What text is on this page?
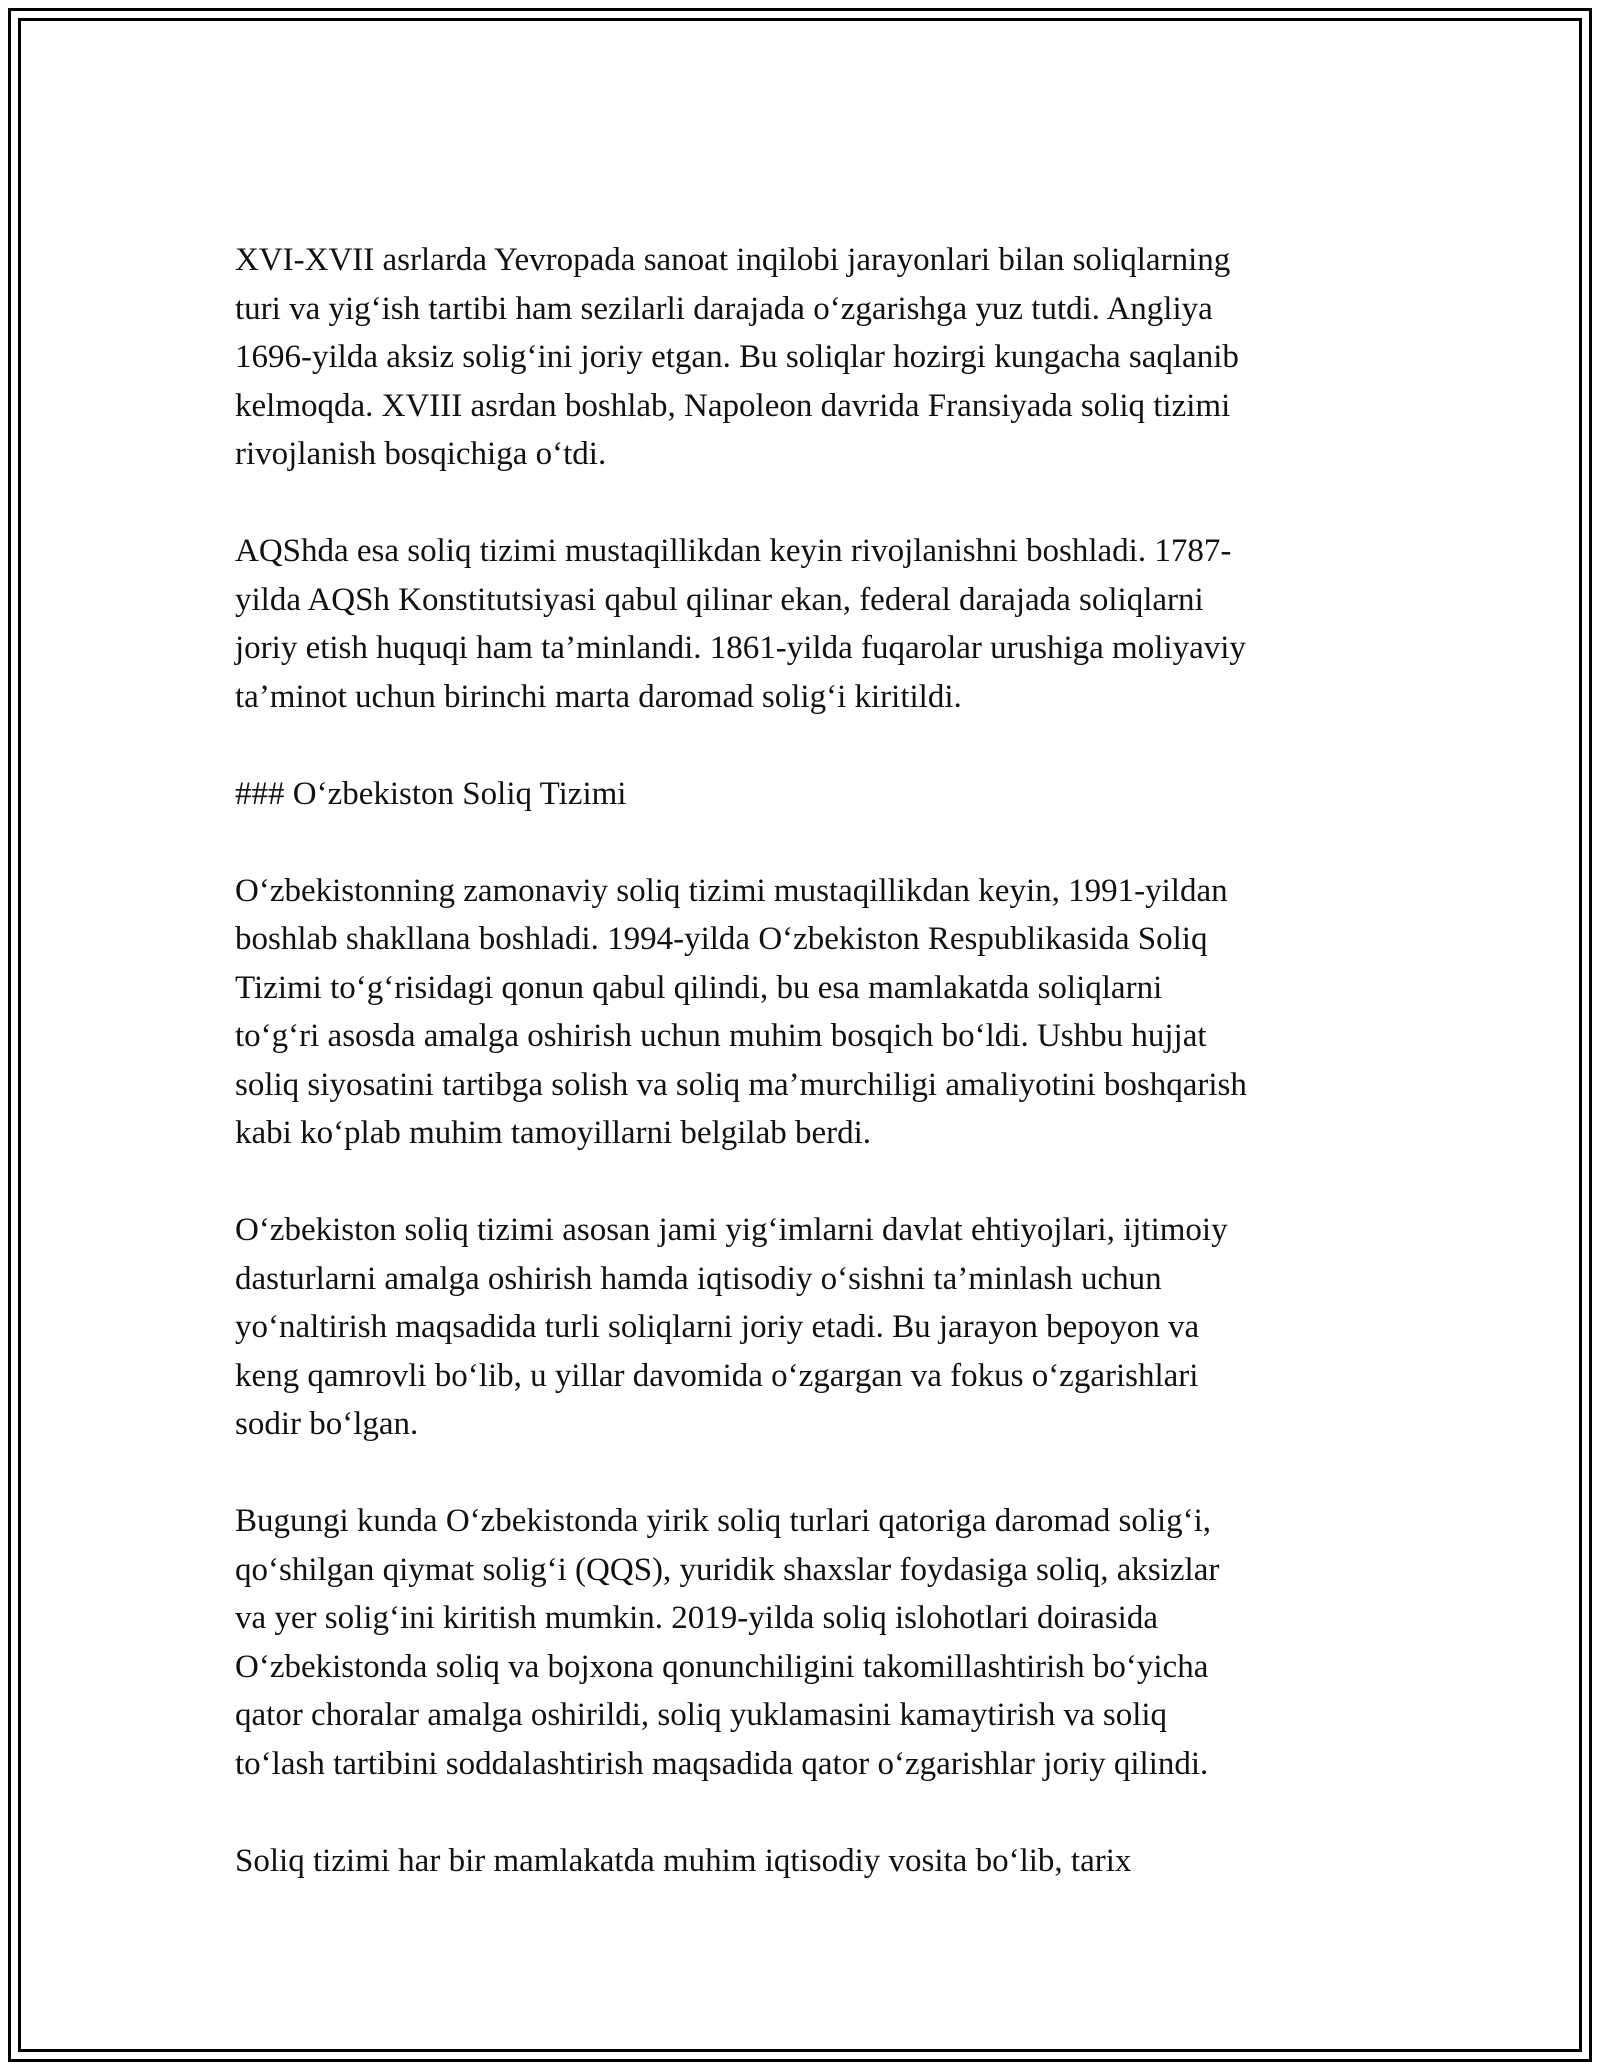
XVI-XVII asrlarda Yevropada sanoat inqilobi jarayonlari bilan soliqlarning
turi va yig‘ish tartibi ham sezilarli darajada o‘zgarishga yuz tutdi. Angliya
1696-yilda aksiz solig‘ini joriy etgan. Bu soliqlar hozirgi kungacha saqlanib
kelmoqda. XVIII asrdan boshlab, Napoleon davrida Fransiyada soliq tizimi
rivojlanish bosqichiga o‘tdi.

AQShda esa soliq tizimi mustaqillikdan keyin rivojlanishni boshladi. 1787-
yilda AQSh Konstitutsiyasi qabul qilinar ekan, federal darajada soliqlarni
joriy etish huquqi ham ta’minlandi. 1861-yilda fuqarolar urushiga moliyaviy
ta’minot uchun birinchi marta daromad solig‘i kiritildi.

### O‘zbekiston Soliq Tizimi

O‘zbekistonning zamonaviy soliq tizimi mustaqillikdan keyin, 1991-yildan
boshlab shakllana boshladi. 1994-yilda O‘zbekiston Respublikasida Soliq
Tizimi to‘g‘risidagi qonun qabul qilindi, bu esa mamlakatda soliqlarni
to‘g‘ri asosda amalga oshirish uchun muhim bosqich bo‘ldi. Ushbu hujjat
soliq siyosatini tartibga solish va soliq ma’murchiligi amaliyotini boshqarish
kabi ko‘plab muhim tamoyillarni belgilab berdi.

O‘zbekiston soliq tizimi asosan jami yig‘imlarni davlat ehtiyojlari, ijtimoiy
dasturlarni amalga oshirish hamda iqtisodiy o‘sishni ta’minlash uchun
yo‘naltirish maqsadida turli soliqlarni joriy etadi. Bu jarayon bepoyon va
keng qamrovli bo‘lib, u yillar davomida o‘zgargan va fokus o‘zgarishlari
sodir bo‘lgan.

Bugungi kunda O‘zbekistonda yirik soliq turlari qatoriga daromad solig‘i,
qo‘shilgan qiymat solig‘i (QQS), yuridik shaxslar foydasiga soliq, aksizlar
va yer solig‘ini kiritish mumkin. 2019-yilda soliq islohotlari doirasida
O‘zbekistonda soliq va bojxona qonunchiligini takomillashtirish bo‘yicha
qator choralar amalga oshirildi, soliq yuklamasini kamaytirish va soliq
to‘lash tartibini soddalashtirish maqsadida qator o‘zgarishlar joriy qilindi.

Soliq tizimi har bir mamlakatda muhim iqtisodiy vosita bo‘lib, tarix
